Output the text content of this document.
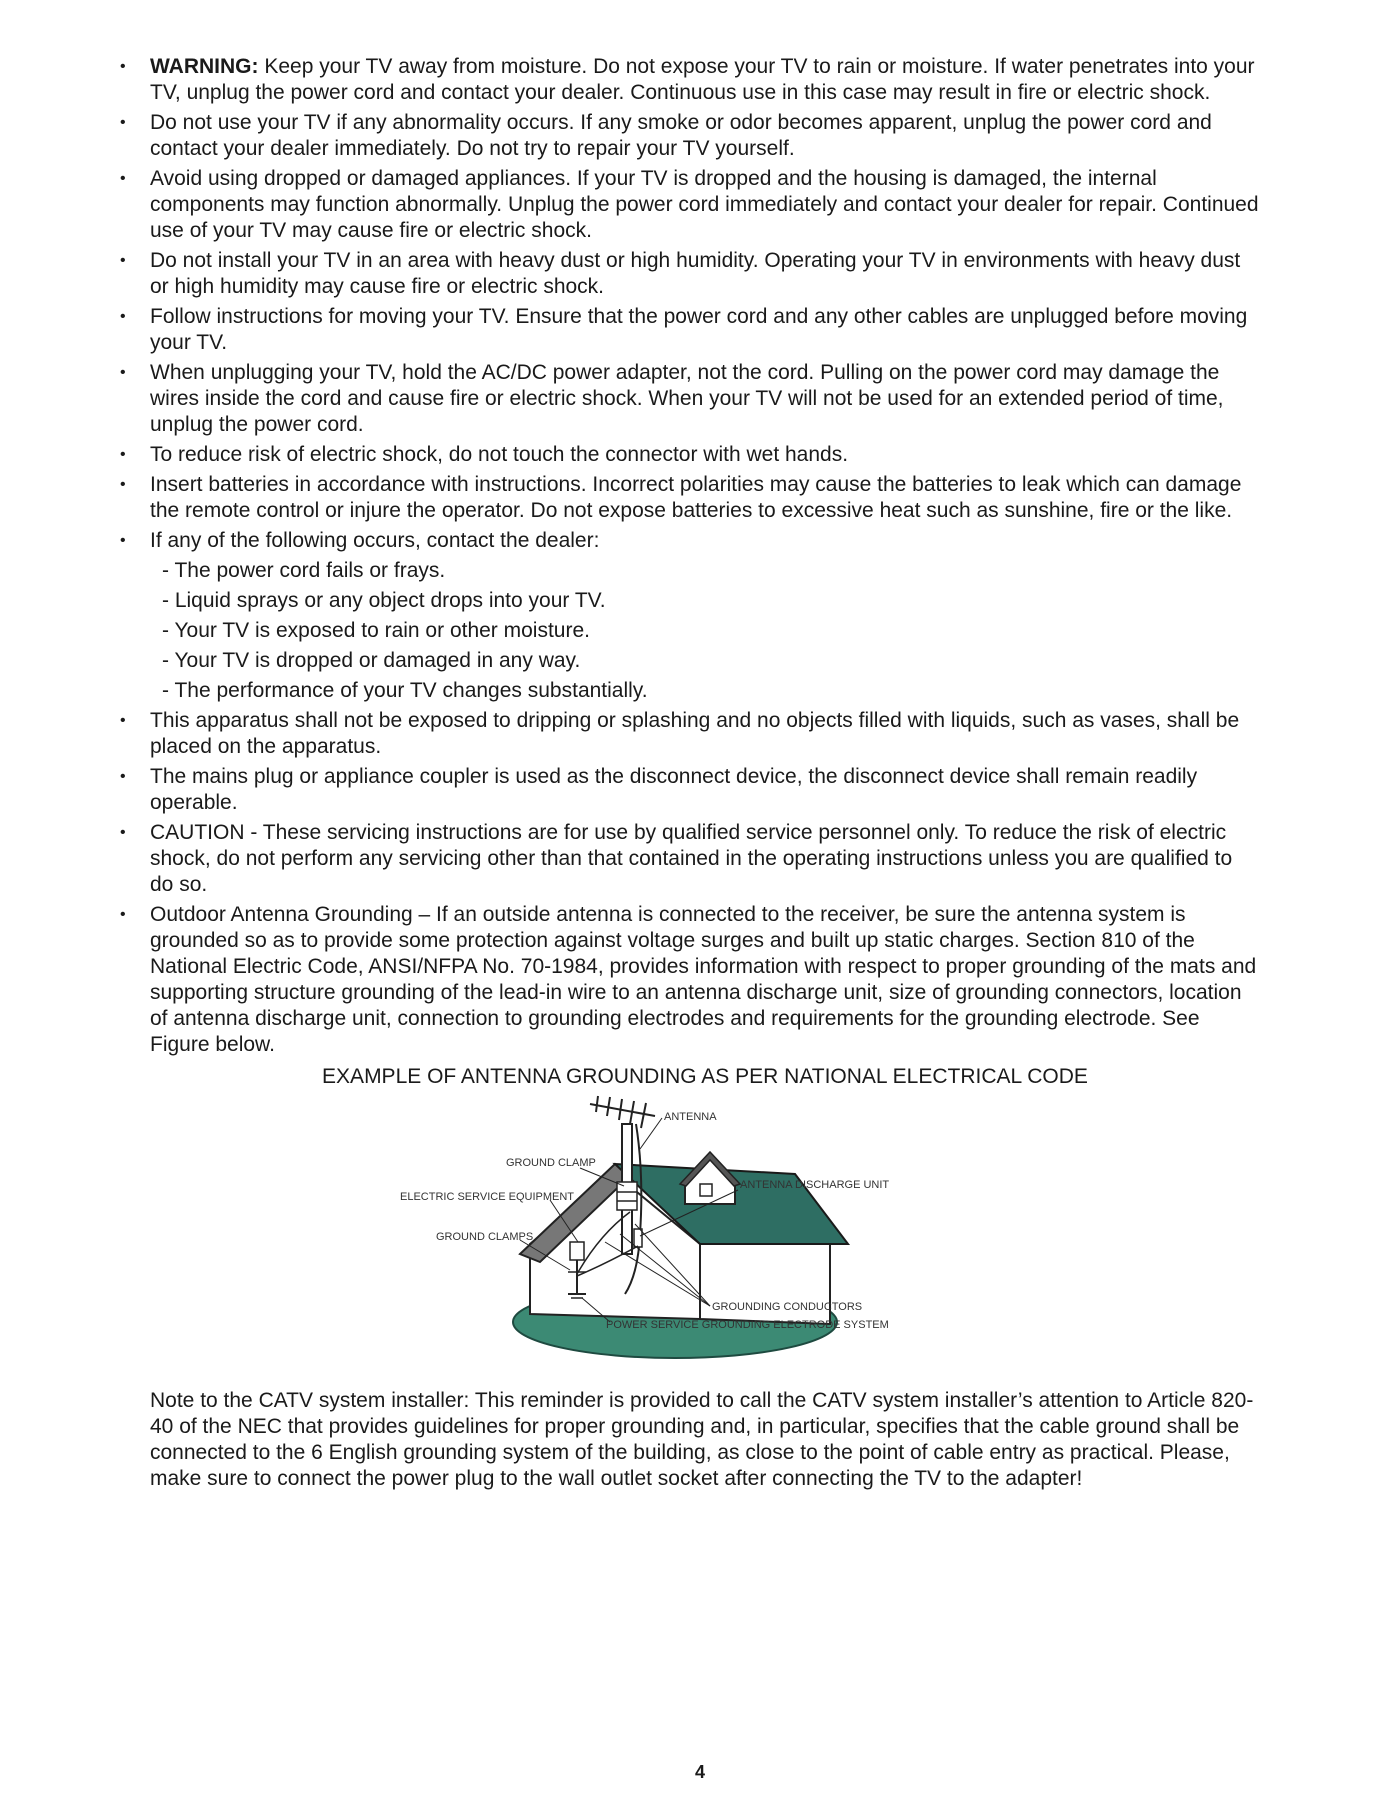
• WARNING: Keep your TV away from moisture. Do not expose your TV to rain or moisture. If water penetrates into your TV, unplug the power cord and contact your dealer. Continuous use in this case may result in fire or electric shock.
• Do not use your TV if any abnormality occurs. If any smoke or odor becomes apparent, unplug the power cord and contact your dealer immediately. Do not try to repair your TV yourself.
• Avoid using dropped or damaged appliances. If your TV is dropped and the housing is damaged, the internal components may function abnormally. Unplug the power cord immediately and contact your dealer for repair. Continued use of your TV may cause fire or electric shock.
• Do not install your TV in an area with heavy dust or high humidity. Operating your TV in environments with heavy dust or high humidity may cause fire or electric shock.
• Follow instructions for moving your TV. Ensure that the power cord and any other cables are unplugged before moving your TV.
• When unplugging your TV, hold the AC/DC power adapter, not the cord. Pulling on the power cord may damage the wires inside the cord and cause fire or electric shock. When your TV will not be used for an extended period of time, unplug the power cord.
• To reduce risk of electric shock, do not touch the connector with wet hands.
• Insert batteries in accordance with instructions. Incorrect polarities may cause the batteries to leak which can damage the remote control or injure the operator. Do not expose batteries to excessive heat such as sunshine, fire or the like.
• If any of the following occurs, contact the dealer:
- The power cord fails or frays.
- Liquid sprays or any object drops into your TV.
- Your TV is exposed to rain or other moisture.
- Your TV is dropped or damaged in any way.
- The performance of your TV changes substantially.
• This apparatus shall not be exposed to dripping or splashing and no objects filled with liquids, such as vases, shall be placed on the apparatus.
• The mains plug or appliance coupler is used as the disconnect device, the disconnect device shall remain readily operable.
• CAUTION - These servicing instructions are for use by qualified service personnel only. To reduce the risk of electric shock, do not perform any servicing other than that contained in the operating instructions unless you are qualified to do so.
• Outdoor Antenna Grounding – If an outside antenna is connected to the receiver, be sure the antenna system is grounded so as to provide some protection against voltage surges and built up static charges. Section 810 of the National Electric Code, ANSI/NFPA No. 70-1984, provides information with respect to proper grounding of the mats and supporting structure grounding of the lead-in wire to an antenna discharge unit, size of grounding connectors, location of antenna discharge unit, connection to grounding electrodes and requirements for the grounding electrode. See Figure below.
EXAMPLE OF ANTENNA GROUNDING AS PER NATIONAL ELECTRICAL CODE
ANTENNA
GROUND CLAMP
ANTENNA DISCHARGE UNIT
ELECTRIC SERVICE EQUIPMENT
GROUND CLAMPS
GROUNDING CONDUCTORS
POWER SERVICE GROUNDING ELECTRODE SYSTEM
Note to the CATV system installer: This reminder is provided to call the CATV system installer’s attention to Article 820-40 of the NEC that provides guidelines for proper grounding and, in particular, specifies that the cable ground shall be connected to the 6 English grounding system of the building, as close to the point of cable entry as practical. Please, make sure to connect the power plug to the wall outlet socket after connecting the TV to the adapter!
4
